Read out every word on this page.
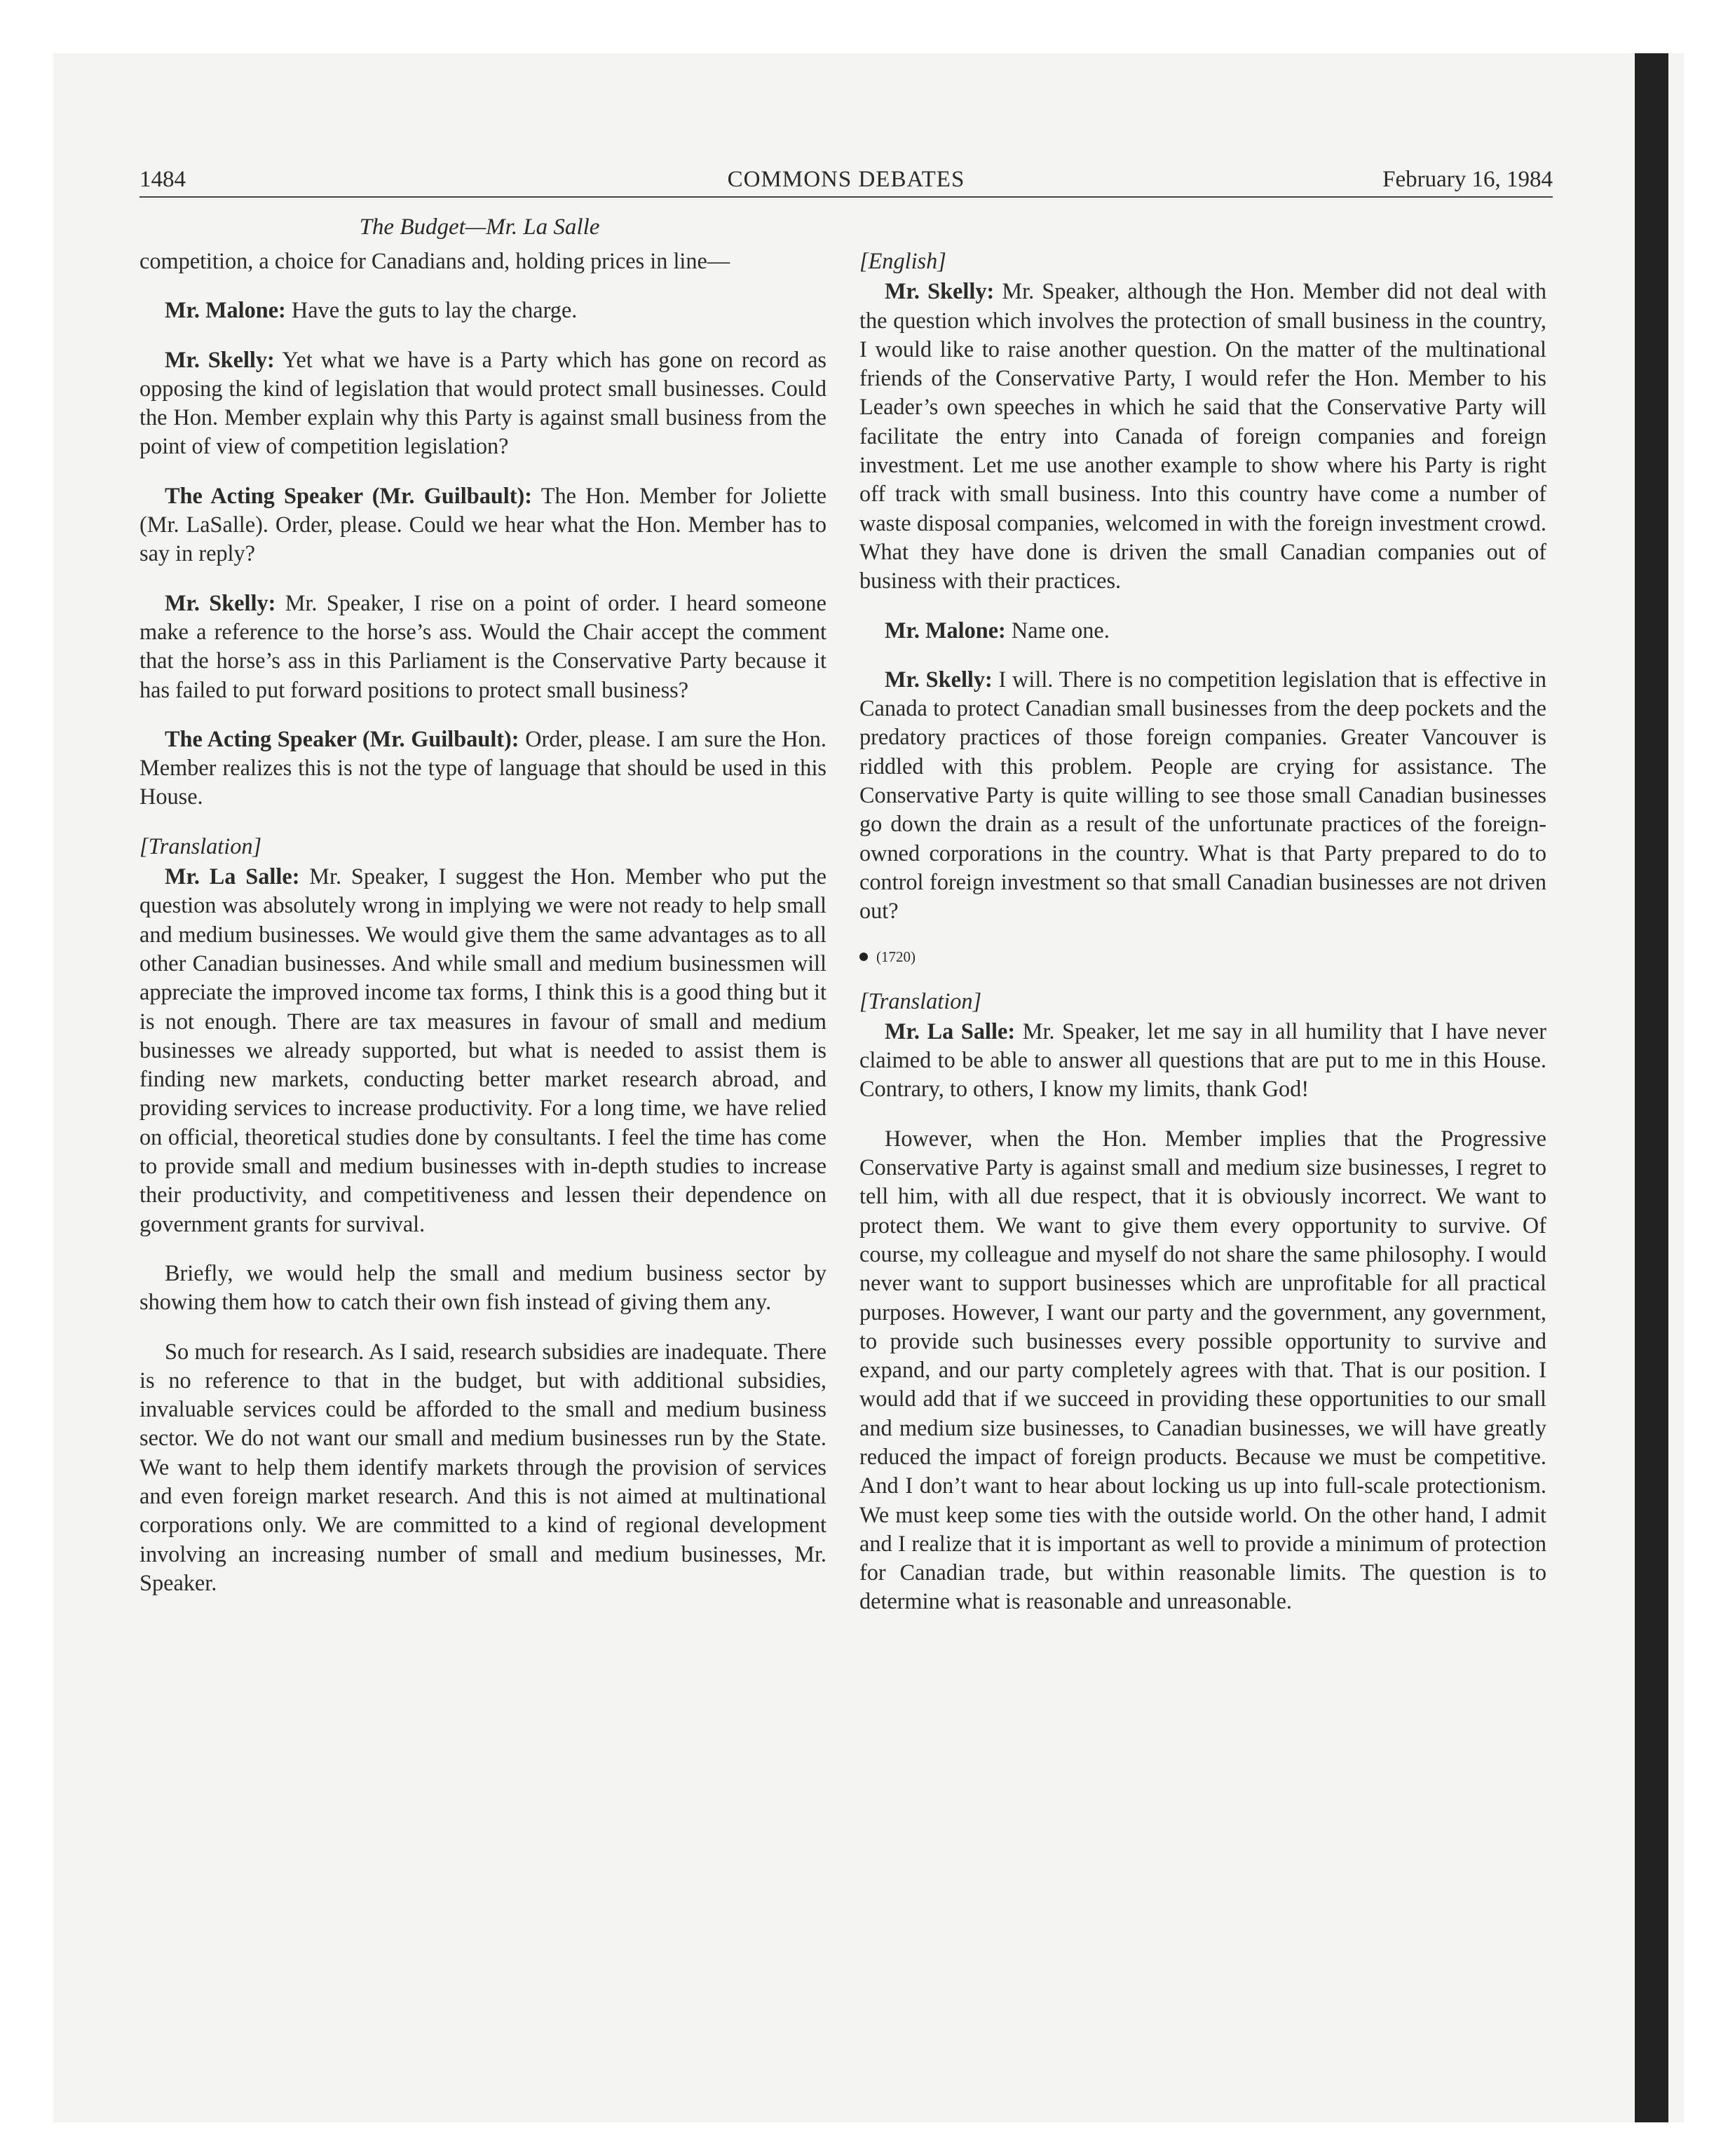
1484	COMMONS DEBATES	February 16, 1984
The Budget—Mr. La Salle

competition, a choice for Canadians and, holding prices in line—

Mr. Malone: Have the guts to lay the charge.

Mr. Skelly: Yet what we have is a Party which has gone on record as opposing the kind of legislation that would protect small businesses. Could the Hon. Member explain why this Party is against small business from the point of view of competition legislation?

The Acting Speaker (Mr. Guilbault): The Hon. Member for Joliette (Mr. LaSalle). Order, please. Could we hear what the Hon. Member has to say in reply?

Mr. Skelly: Mr. Speaker, I rise on a point of order. I heard someone make a reference to the horse’s ass. Would the Chair accept the comment that the horse’s ass in this Parliament is the Conservative Party because it has failed to put forward positions to protect small business?

The Acting Speaker (Mr. Guilbault): Order, please. I am sure the Hon. Member realizes this is not the type of language that should be used in this House.

[Translation]

Mr. La Salle: Mr. Speaker, I suggest the Hon. Member who put the question was absolutely wrong in implying we were not ready to help small and medium businesses. We would give them the same advantages as to all other Canadian businesses. And while small and medium businessmen will appreciate the improved income tax forms, I think this is a good thing but it is not enough. There are tax measures in favour of small and medium businesses we already supported, but what is needed to assist them is finding new markets, conducting better market research abroad, and providing services to increase productivity. For a long time, we have relied on official, theoretical studies done by consultants. I feel the time has come to provide small and medium businesses with in-depth studies to increase their productivity, and competitiveness and lessen their dependence on government grants for survival.

Briefly, we would help the small and medium business sector by showing them how to catch their own fish instead of giving them any.

So much for research. As I said, research subsidies are inadequate. There is no reference to that in the budget, but with additional subsidies, invaluable services could be afforded to the small and medium business sector. We do not want our small and medium businesses run by the State. We want to help them identify markets through the provision of services and even foreign market research. And this is not aimed at multinational corporations only. We are committed to a kind of regional development involving an increasing number of small and medium businesses, Mr. Speaker.

[English]

Mr. Skelly: Mr. Speaker, although the Hon. Member did not deal with the question which involves the protection of small business in the country, I would like to raise another question. On the matter of the multinational friends of the Conservative Party, I would refer the Hon. Member to his Leader’s own speeches in which he said that the Conservative Party will facilitate the entry into Canada of foreign companies and foreign investment. Let me use another example to show where his Party is right off track with small business. Into this country have come a number of waste disposal companies, welcomed in with the foreign investment crowd. What they have done is driven the small Canadian companies out of business with their practices.

Mr. Malone: Name one.

Mr. Skelly: I will. There is no competition legislation that is effective in Canada to protect Canadian small businesses from the deep pockets and the predatory practices of those foreign companies. Greater Vancouver is riddled with this problem. People are crying for assistance. The Conservative Party is quite willing to see those small Canadian businesses go down the drain as a result of the unfortunate practices of the foreign-owned corporations in the country. What is that Party prepared to do to control foreign investment so that small Canadian businesses are not driven out?

(1720)

[Translation]

Mr. La Salle: Mr. Speaker, let me say in all humility that I have never claimed to be able to answer all questions that are put to me in this House. Contrary, to others, I know my limits, thank God!

However, when the Hon. Member implies that the Progressive Conservative Party is against small and medium size businesses, I regret to tell him, with all due respect, that it is obviously incorrect. We want to protect them. We want to give them every opportunity to survive. Of course, my colleague and myself do not share the same philosophy. I would never want to support businesses which are unprofitable for all practical purposes. However, I want our party and the government, any government, to provide such businesses every possible opportunity to survive and expand, and our party completely agrees with that. That is our position. I would add that if we succeed in providing these opportunities to our small and medium size businesses, to Canadian businesses, we will have greatly reduced the impact of foreign products. Because we must be competitive. And I don’t want to hear about locking us up into full-scale protectionism. We must keep some ties with the outside world. On the other hand, I admit and I realize that it is important as well to provide a minimum of protection for Canadian trade, but within reasonable limits. The question is to determine what is reasonable and unreasonable.
